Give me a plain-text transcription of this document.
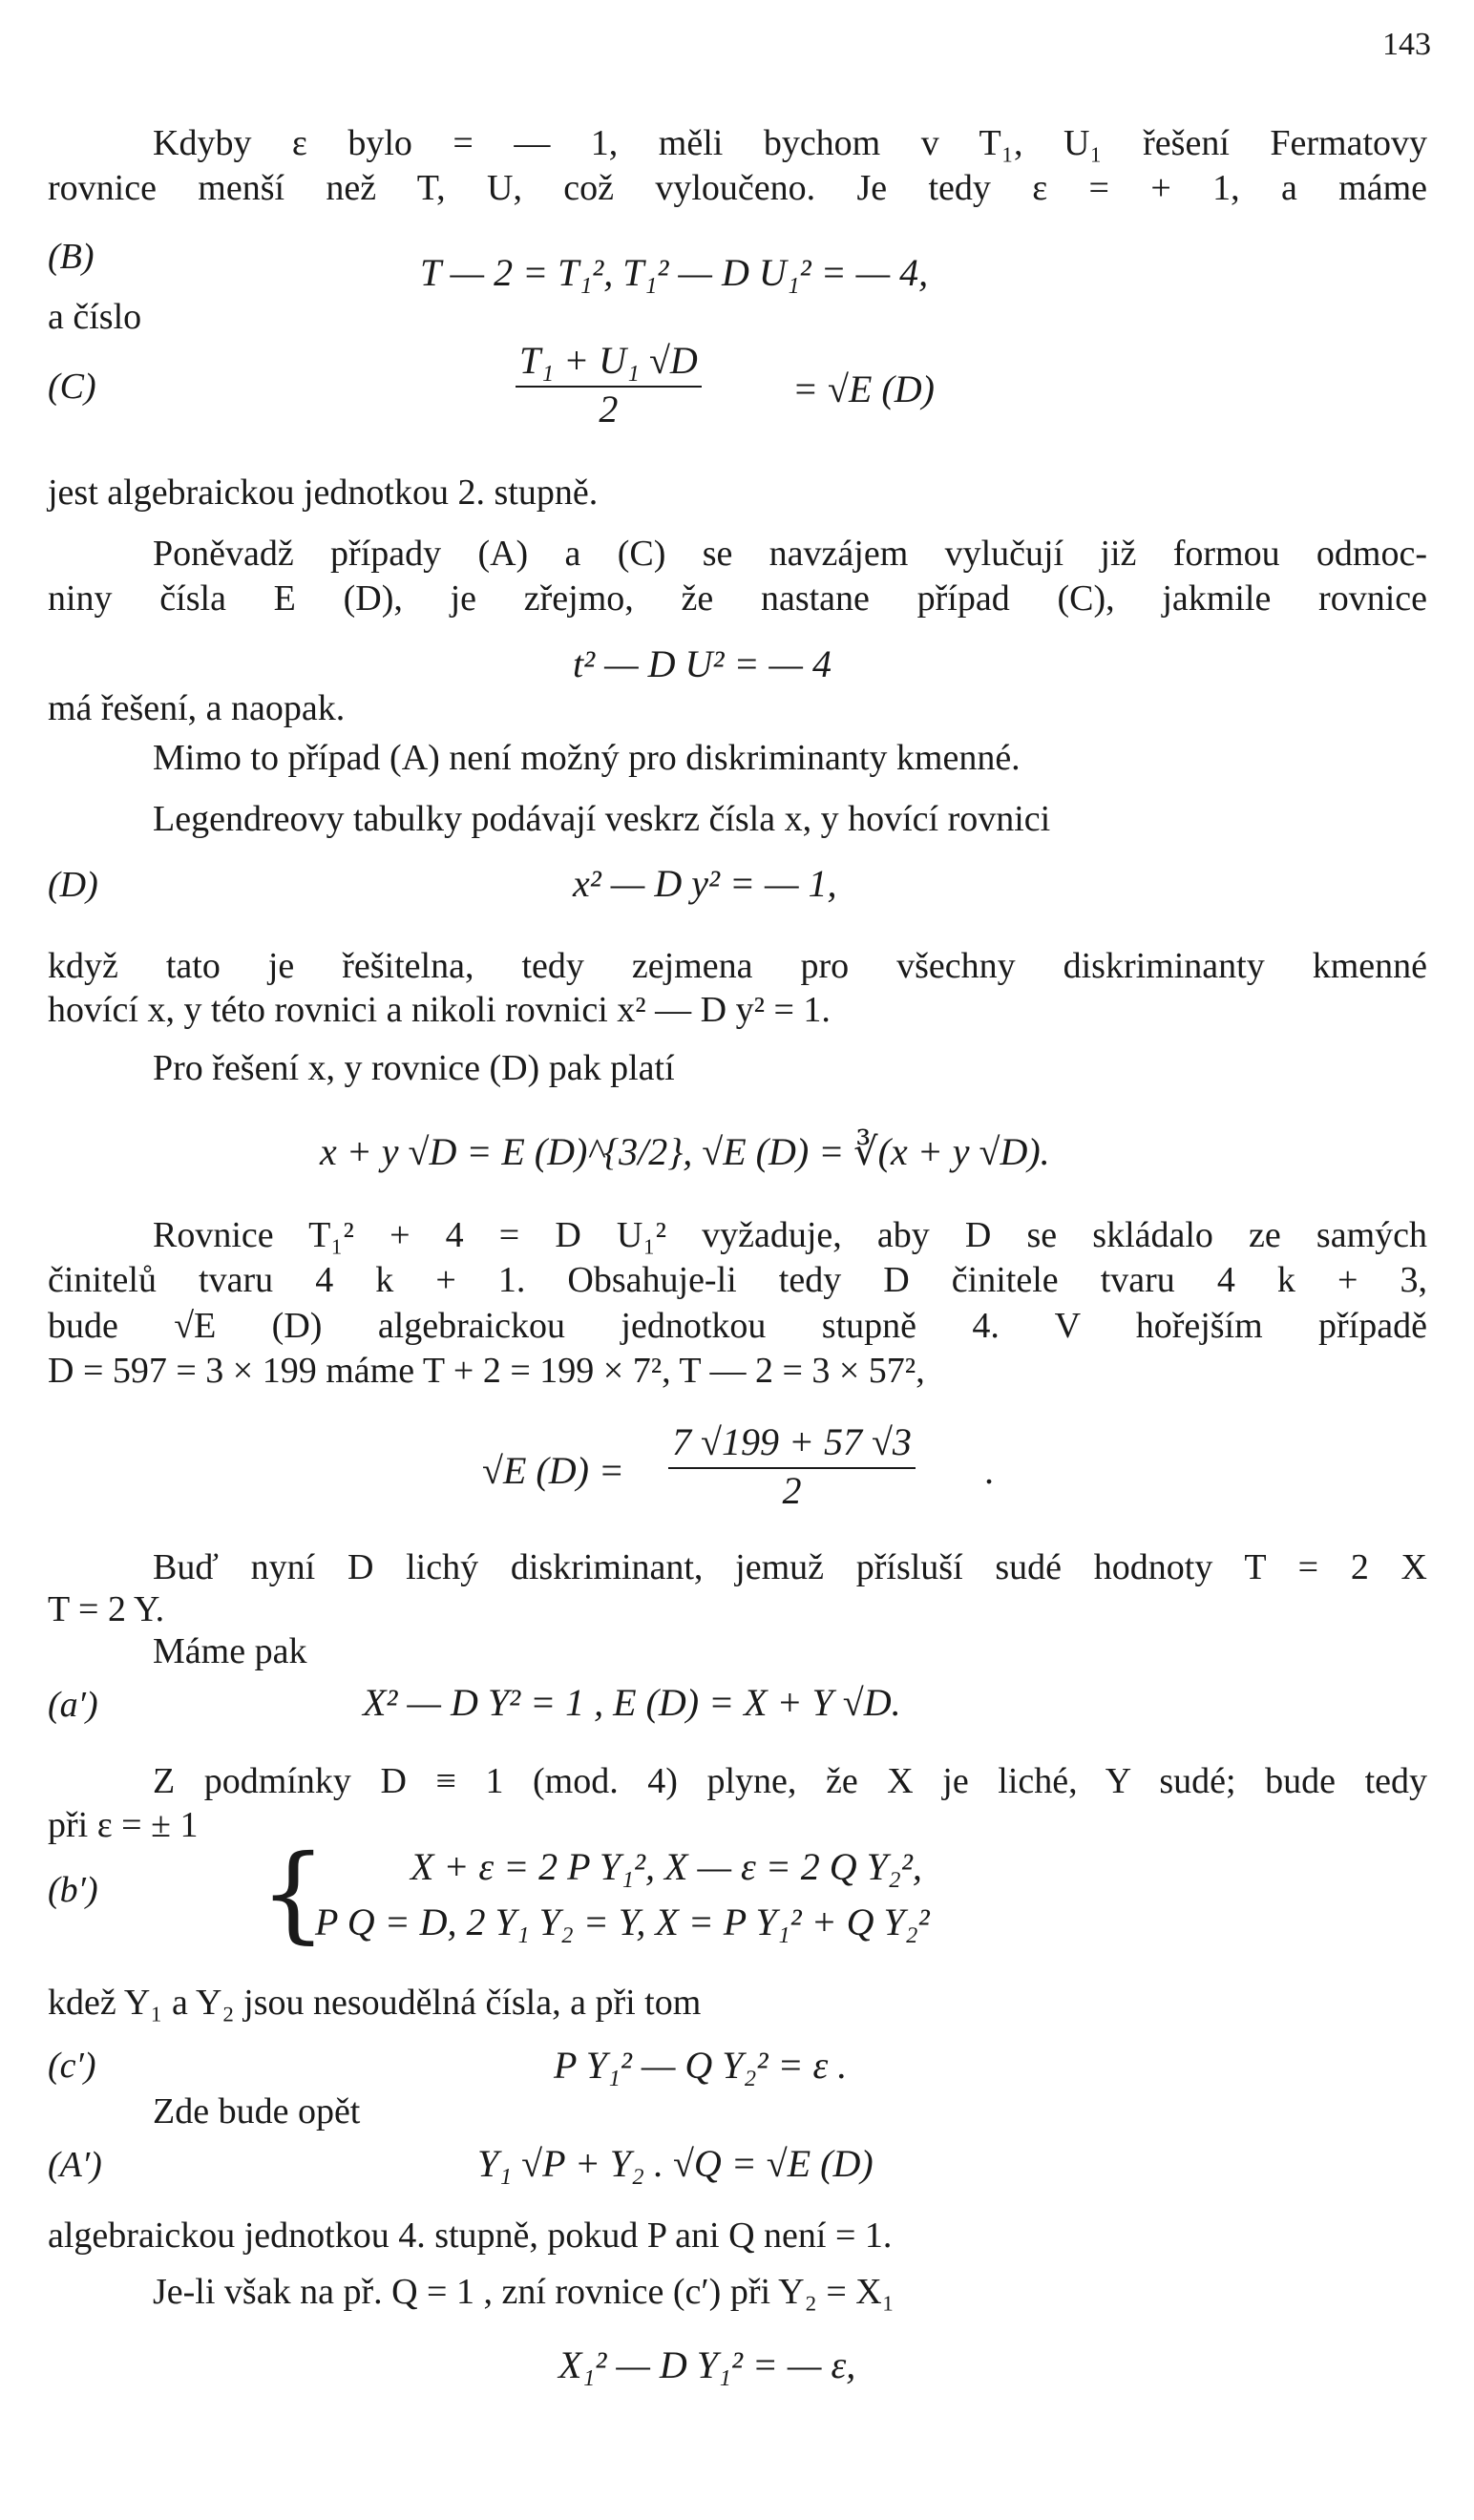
143
Kdyby ε bylo = — 1, měli bychom v T₁, U₁ řešení Fermatovy
rovnice menší než T, U, což vyloučeno. Je tedy ε = + 1, a máme
(B)	T — 2 = T₁², T₁² — D U₁² = — 4,
a číslo
(C)	$\frac{\text{T₁ + U₁ √D}}{2} = √E$ (D)
jest algebraickou jednotkou 2. stupně.
Poněvadž případy (A) a (C) se navzájem vylučují již formou odmoc-
niny čísla E (D), je zřejmo, že nastane případ (C), jakmile rovnice
t² — D U² = — 4
má řešení, a naopak.
Mimo to případ (A) není možný pro diskriminanty kmenné.
Legendreovy tabulky podávají veskrz čísla x, y hovící rovnici
(D)	x² — D y² = — 1,
když tato je řešitelna, tedy zejmena pro všechny diskriminanty kmenné
hovící x, y této rovnici a nikoli rovnici x² — D y² = 1.
Pro řešení x, y rovnice (D) pak platí
x + y √D = E (D)^{3/2}, √E (D) = ∛(x + y √D).
Rovnice T₁² + 4 = D U₁² vyžaduje, aby D se skládalo ze samých
činitelů tvaru 4 k + 1. Obsahuje-li tedy D činitele tvaru 4 k + 3,
bude √E (D) algebraickou jednotkou stupně 4. V hořejším případě
D = 597 = 3 × 199 máme T + 2 = 199 × 7², T — 2 = 3 × 57²,
√E $(D) = \frac{7 √199 + 57 √3}{2}$ .
Buď nyní D lichý diskriminant, jemuž přísluší sudé hodnoty T = 2 X
T = 2 Y.
Máme pak
(a′)	X² — D Y² = 1 , E (D) = X + Y √D.
Z podmínky D ≡ 1 (mod. 4) plyne, že X je liché, Y sudé; bude tedy
při ε = ± 1
(b′) { X + ε = 2 P Y₁², X — ε = 2 Q Y₂²,
P Q = D, 2 Y₁ Y₂ = Y, X = P Y₁² + Q Y₂²
kdež Y₁ a Y₂ jsou nesoudělná čísla, a při tom
(c′)	P Y₁² — Q Y₂² = ε .
Zde bude opět
(A′)	Y₁ √P + Y₂ . √Q = √E (D)
algebraickou jednotkou 4. stupně, pokud P ani Q není = 1.
Je-li však na př. Q = 1 , zní rovnice (c′) při Y₂ = X₁
X₁² — D Y₁² = — ε,
